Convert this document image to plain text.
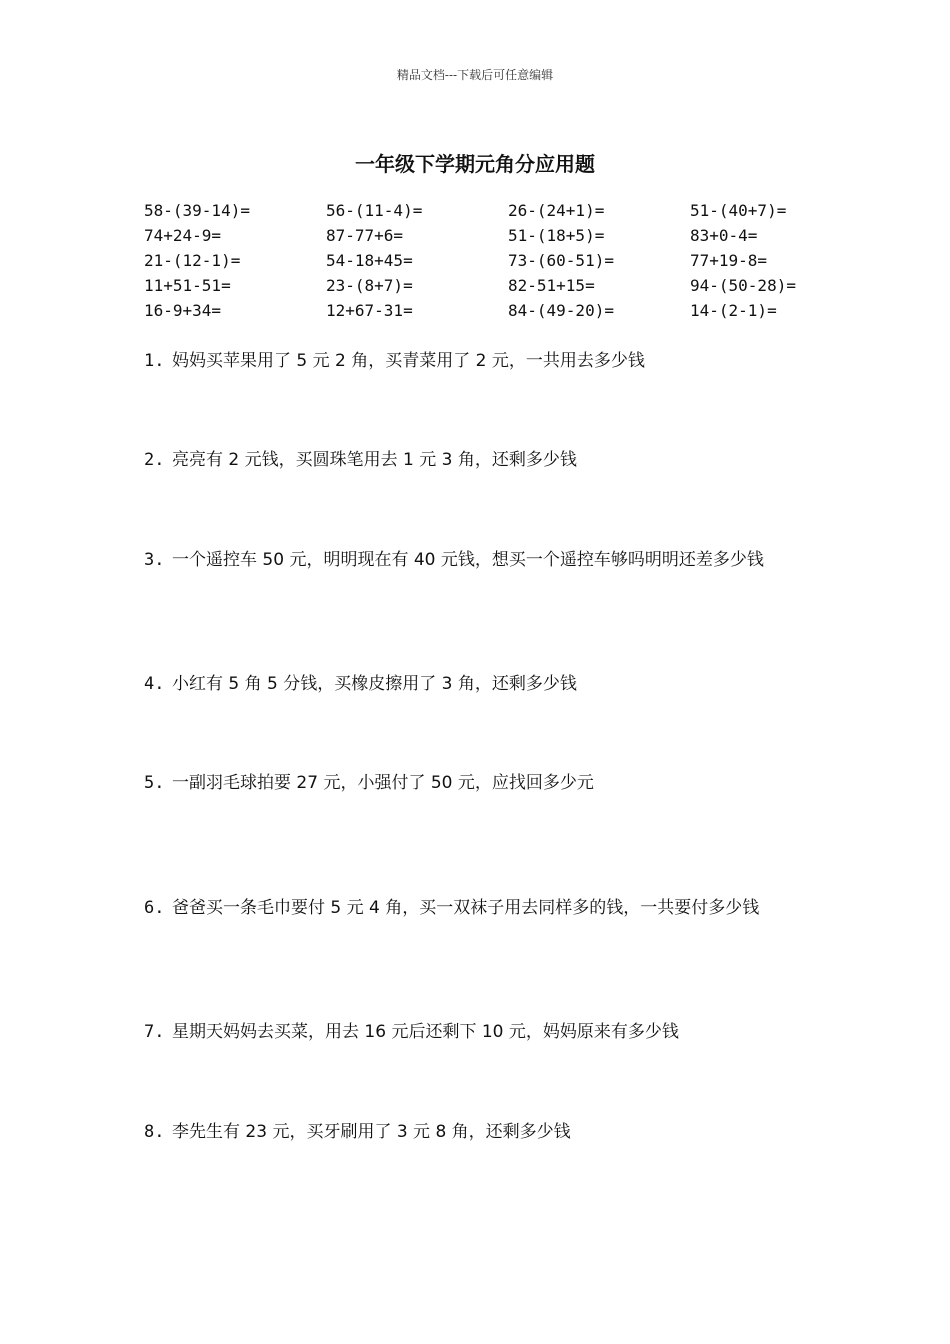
精品文档---下载后可任意编辑
一年级下学期元角分应用题
58-(39-14)=	56-(11-4)=	26-(24+1)=	51-(40+7)=
74+24-9=	87-77+6=	51-(18+5)=	83+0-4=
21-(12-1)=	54-18+45=	73-(60-51)=	77+19-8=
11+51-51=	23-(8+7)=	82-51+15=	94-(50-28)=
16-9+34=	12+67-31=	84-(49-20)=	14-(2-1)=
1. 妈妈买苹果用了 5 元 2 角，买青菜用了 2 元，一共用去多少钱
2. 亮亮有 2 元钱，买圆珠笔用去 1 元 3 角，还剩多少钱
3. 一个遥控车 50 元，明明现在有 40 元钱，想买一个遥控车够吗明明还差多少钱
4. 小红有 5 角 5 分钱，买橡皮擦用了 3 角，还剩多少钱
5. 一副羽毛球拍要 27 元，小强付了 50 元，应找回多少元
6. 爸爸买一条毛巾要付 5 元 4 角，买一双袜子用去同样多的钱，一共要付多少钱
7. 星期天妈妈去买菜，用去 16 元后还剩下 10 元，妈妈原来有多少钱
8. 李先生有 23 元，买牙刷用了 3 元 8 角，还剩多少钱
